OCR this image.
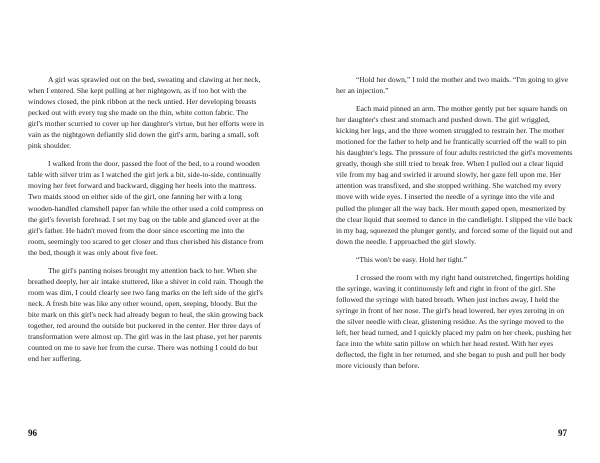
A girl was sprawled out on the bed, sweating and clawing at her neck, when I entered. She kept pulling at her nightgown, as if too hot with the windows closed, the pink ribbon at the neck untied. Her developing breasts pecked out with every tug she made on the thin, white cotton fabric. The girl's mother scurried to cover up her daughter's virtue, but her efforts were in vain as the nightgown defiantly slid down the girl's arm, baring a small, soft pink shoulder.

I walked from the door, passed the foot of the bed, to a round wooden table with silver trim as I watched the girl jerk a bit, side-to-side, continually moving her feet forward and backward, digging her heels into the mattress. Two maids stood on either side of the girl, one fanning her with a long wooden-handled clamshell paper fan while the other used a cold compress on the girl's feverish forehead. I set my bag on the table and glanced over at the girl's father. He hadn't moved from the door since escorting me into the room, seemingly too scared to get closer and thus cherished his distance from the bed, though it was only about five feet.

The girl's panting noises brought my attention back to her. When she breathed deeply, her air intake stuttered, like a shiver in cold rain. Though the room was dim, I could clearly see two fang marks on the left side of the girl's neck. A fresh bite was like any other wound, open, seeping, bloody. But the bite mark on this girl's neck had already begun to heal, the skin growing back together, red around the outside but puckered in the center. Her three days of transformation were almost up. The girl was in the last phase, yet her parents counted on me to save her from the curse. There was nothing I could do but end her suffering.

96

“Hold her down,” I told the mother and two maids. “I'm going to give her an injection.”

Each maid pinned an arm. The mother gently put her square hands on her daughter's chest and stomach and pushed down. The girl wriggled, kicking her legs, and the three women struggled to restrain her. The mother motioned for the father to help and he frantically scurried off the wall to pin his daughter's legs. The pressure of four adults restricted the girl's movements greatly, though she still tried to break free. When I pulled out a clear liquid vile from my bag and swirled it around slowly, her gaze fell upon me. Her attention was transfixed, and she stopped writhing. She watched my every move with wide eyes. I inserted the needle of a syringe into the vile and pulled the plunger all the way back. Her mouth gaped open, mesmerized by the clear liquid that seemed to dance in the candlelight. I slipped the vile back in my bag, squeezed the plunger gently, and forced some of the liquid out and down the needle. I approached the girl slowly.

“This won't be easy. Hold her tight.”

I crossed the room with my right hand outstretched, fingertips holding the syringe, waving it continuously left and right in front of the girl. She followed the syringe with bated breath. When just inches away, I held the syringe in front of her nose. The girl's head lowered, her eyes zeroing in on the silver needle with clear, glistening residue. As the syringe moved to the left, her head turned, and I quickly placed my palm on her cheek, pushing her face into the white satin pillow on which her head rested. With her eyes deflected, the fight in her returned, and she began to push and pull her body more viciously than before.

97
